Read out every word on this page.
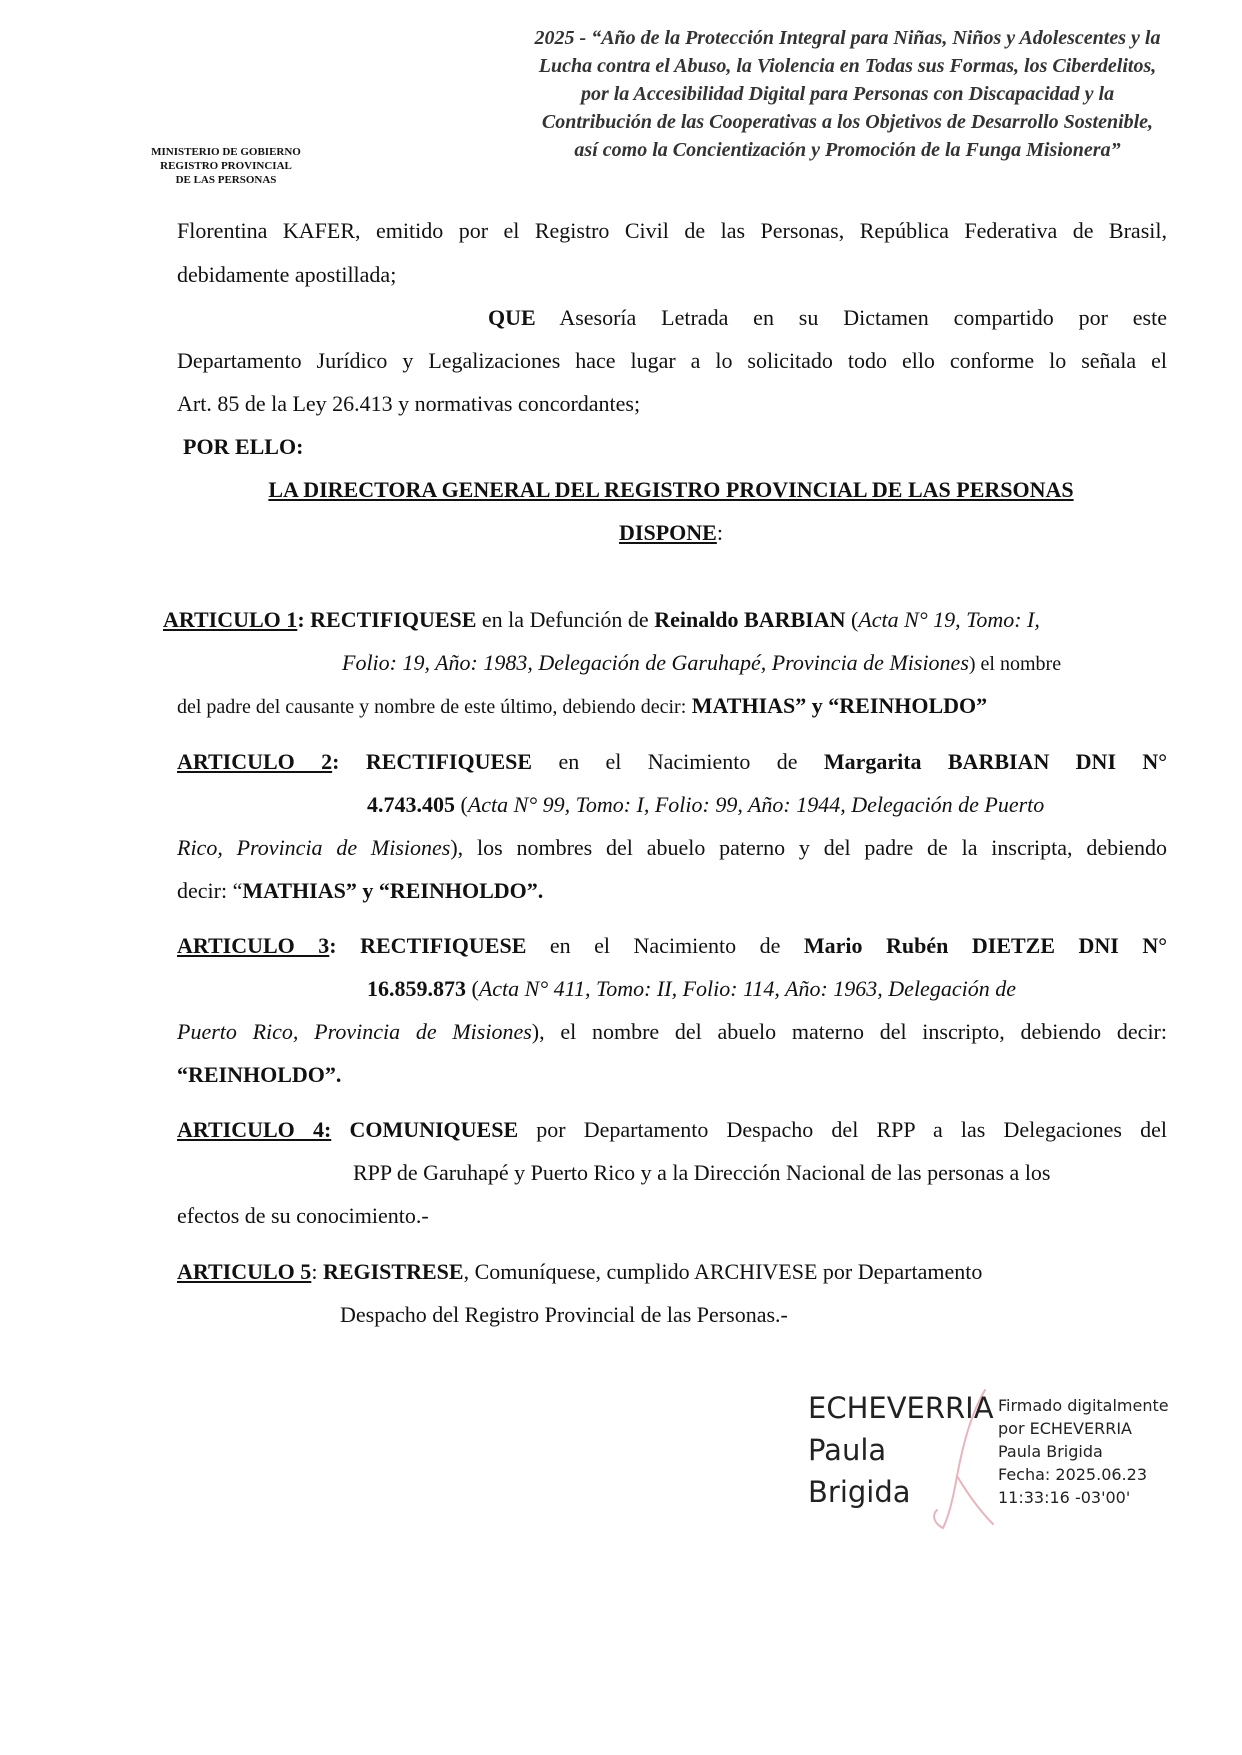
2025 - “Año de la Protección Integral para Niñas, Niños y Adolescentes y la
Lucha contra el Abuso, la Violencia en Todas sus Formas, los Ciberdelitos,
por la Accesibilidad Digital para Personas con Discapacidad y la
Contribución de las Cooperativas a los Objetivos de Desarrollo Sostenible,
así como la Concientización y Promoción de la Funga Misionera”
MINISTERIO DE GOBIERNO
REGISTRO PROVINCIAL
DE LAS PERSONAS
Florentina KAFER, emitido por el Registro Civil de las Personas, República Federativa de Brasil,
debidamente apostillada;
QUE Asesoría Letrada en su Dictamen compartido por este
Departamento Jurídico y Legalizaciones hace lugar a lo solicitado todo ello conforme lo señala el
Art. 85 de la Ley 26.413 y normativas concordantes;
POR ELLO:
LA DIRECTORA GENERAL DEL REGISTRO PROVINCIAL DE LAS PERSONAS
DISPONE:
ARTICULO 1: RECTIFIQUESE en la Defunción de Reinaldo BARBIAN (Acta N° 19, Tomo: I,
Folio: 19, Año: 1983, Delegación de Garuhapé, Provincia de Misiones) el nombre
del padre del causante y nombre de este último, debiendo decir: MATHIAS” y “REINHOLDO”
ARTICULO 2: RECTIFIQUESE en el Nacimiento de Margarita BARBIAN DNI N°
4.743.405 (Acta N° 99, Tomo: I, Folio: 99, Año: 1944, Delegación de Puerto
Rico, Provincia de Misiones), los nombres del abuelo paterno y del padre de la inscripta, debiendo
decir: “MATHIAS” y “REINHOLDO”.
ARTICULO 3: RECTIFIQUESE en el Nacimiento de Mario Rubén DIETZE DNI N°
16.859.873 (Acta N° 411, Tomo: II, Folio: 114, Año: 1963, Delegación de
Puerto Rico, Provincia de Misiones), el nombre del abuelo materno del inscripto, debiendo decir:
“REINHOLDO”.
ARTICULO 4: COMUNIQUESE por Departamento Despacho del RPP a las Delegaciones del
RPP de Garuhapé y Puerto Rico y a la Dirección Nacional de las personas a los
efectos de su conocimiento.-
ARTICULO 5: REGISTRESE, Comuníquese, cumplido ARCHIVESE por Departamento
Despacho del Registro Provincial de las Personas.-
ECHEVERRIA
Paula
Brigida
Firmado digitalmente
por ECHEVERRIA
Paula Brigida
Fecha: 2025.06.23
11:33:16 -03'00'
